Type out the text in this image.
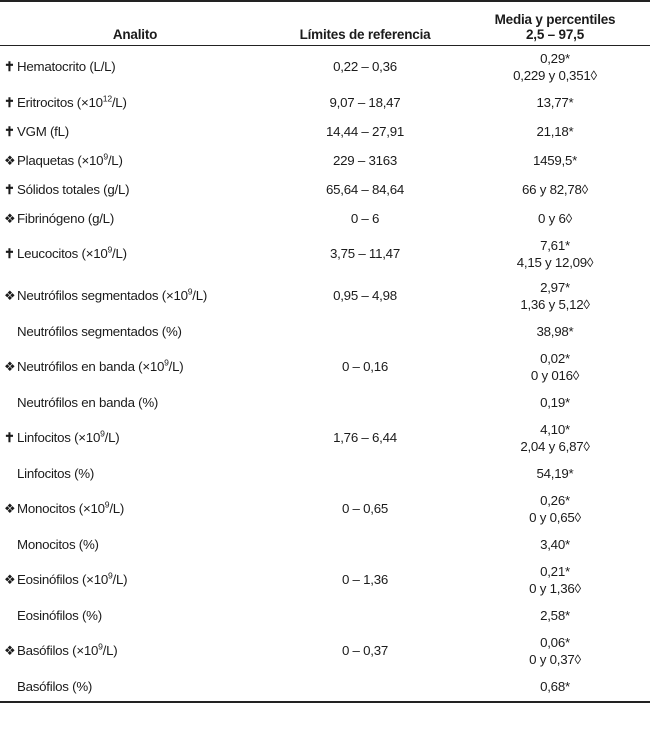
Analito	Límites de referencia	Media y percentiles
2,5 – 97,5

✝ Hematocrito (L/L)	0,22 – 0,36	0,29*
0,229 y 0,351◊

✝ Eritrocitos $(\times 10^{12}/L)$	9,07 – 18,47	13,77*

✝ VGM (fL)	14,44 – 27,91	21,18*

❖ Plaquetas $(\times 10^9/L)$	229 – 3163	1459,5*

✝ Sólidos totales (g/L)	65,64 – 84,64	66 y 82,78◊

❖ Fibrinógeno (g/L)	0 – 6	0 y 6◊

✝ Leucocitos $(\times 10^9/L)$	3,75 – 11,47	7,61*
4,15 y 12,09◊

❖ Neutrófilos segmentados $(\times 10^9/L)$	0,95 – 4,98	2,97*
1,36 y 5,12◊

Neutrófilos segmentados (%)		38,98*

❖ Neutrófilos en banda $(\times 10^9/L)$	0 – 0,16	0,02*
0 y 016◊

Neutrófilos en banda (%)		0,19*

✝ Linfocitos $(\times 10^9/L)$	1,76 – 6,44	4,10*
2,04 y 6,87◊

Linfocitos (%)		54,19*

❖ Monocitos $(\times 10^9/L)$	0 – 0,65	0,26*
0 y 0,65◊

Monocitos (%)		3,40*

❖ Eosinófilos $(\times 10^9/L)$	0 – 1,36	0,21*
0 y 1,36◊

Eosinófilos (%)		2,58*

❖ Basófilos $(\times 10^9/L)$	0 – 0,37	0,06*
0 y 0,37◊

Basófilos (%)		0,68*
